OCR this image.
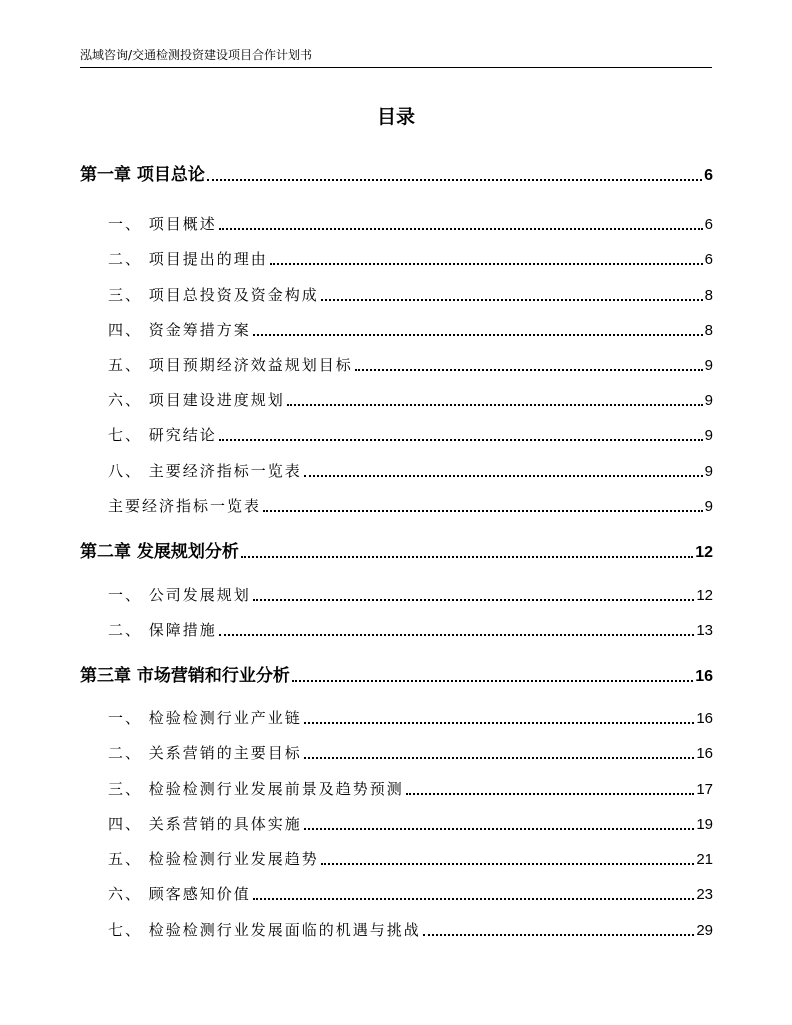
泓域咨询/交通检测投资建设项目合作计划书
目录
第一章 项目总论	6
一、 项目概述	6
二、 项目提出的理由	6
三、 项目总投资及资金构成	8
四、 资金筹措方案	8
五、 项目预期经济效益规划目标	9
六、 项目建设进度规划	9
七、 研究结论	9
八、 主要经济指标一览表	9
主要经济指标一览表	9
第二章 发展规划分析	12
一、 公司发展规划	12
二、 保障措施	13
第三章 市场营销和行业分析	16
一、 检验检测行业产业链	16
二、 关系营销的主要目标	16
三、 检验检测行业发展前景及趋势预测	17
四、 关系营销的具体实施	19
五、 检验检测行业发展趋势	21
六、 顾客感知价值	23
七、 检验检测行业发展面临的机遇与挑战	29
